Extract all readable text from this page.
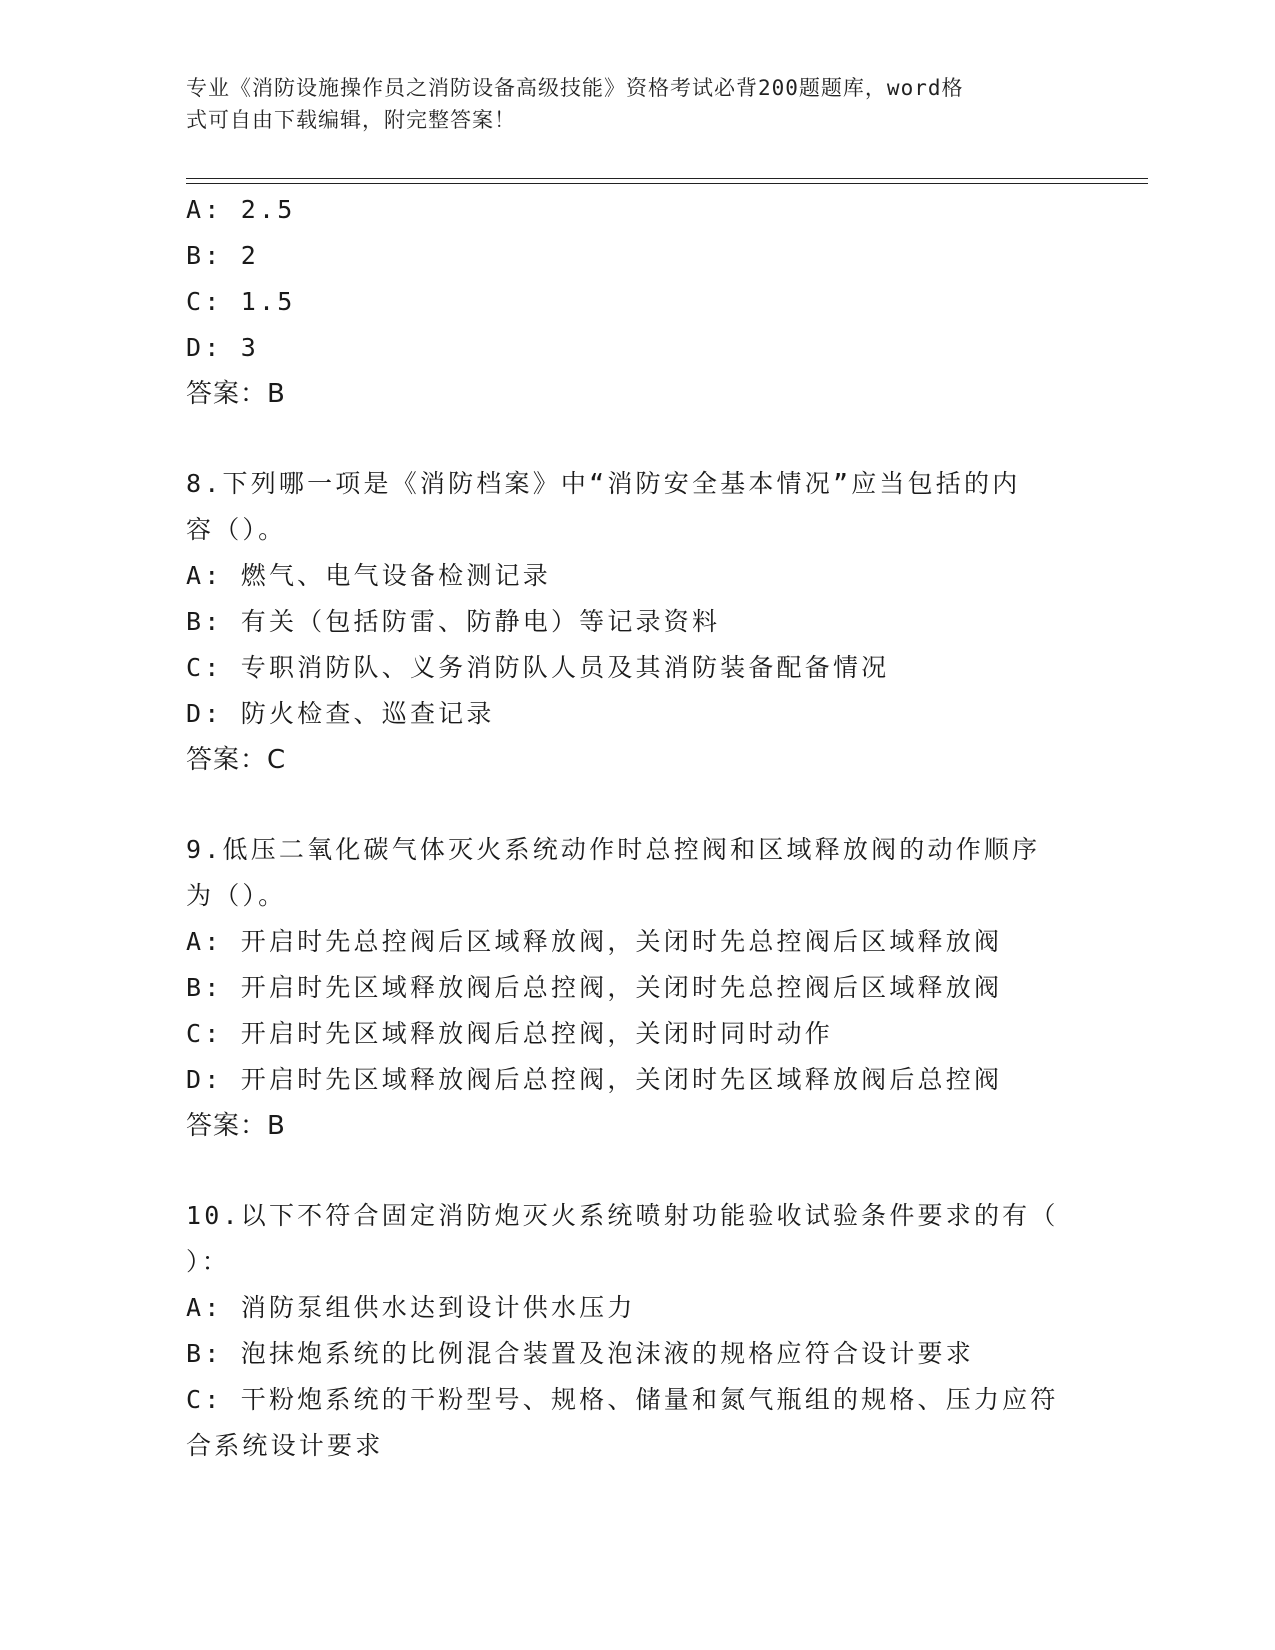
专业《消防设施操作员之消防设备高级技能》资格考试必背200题题库，word格
式可自由下载编辑，附完整答案！
A: 2.5
B: 2
C: 1.5
D: 3
答案：B
8.下列哪一项是《消防档案》中“消防安全基本情况”应当包括的内
容（）。
A: 燃气、电气设备检测记录
B: 有关（包括防雷、防静电）等记录资料
C: 专职消防队、义务消防队人员及其消防装备配备情况
D: 防火检查、巡查记录
答案：C
9.低压二氧化碳气体灭火系统动作时总控阀和区域释放阀的动作顺序
为（）。
A: 开启时先总控阀后区域释放阀，关闭时先总控阀后区域释放阀
B: 开启时先区域释放阀后总控阀，关闭时先总控阀后区域释放阀
C: 开启时先区域释放阀后总控阀，关闭时同时动作
D: 开启时先区域释放阀后总控阀，关闭时先区域释放阀后总控阀
答案：B
10.以下不符合固定消防炮灭火系统喷射功能验收试验条件要求的有（
）：
A: 消防泵组供水达到设计供水压力
B: 泡抹炮系统的比例混合装置及泡沫液的规格应符合设计要求
C: 干粉炮系统的干粉型号、规格、储量和氮气瓶组的规格、压力应符
合系统设计要求
